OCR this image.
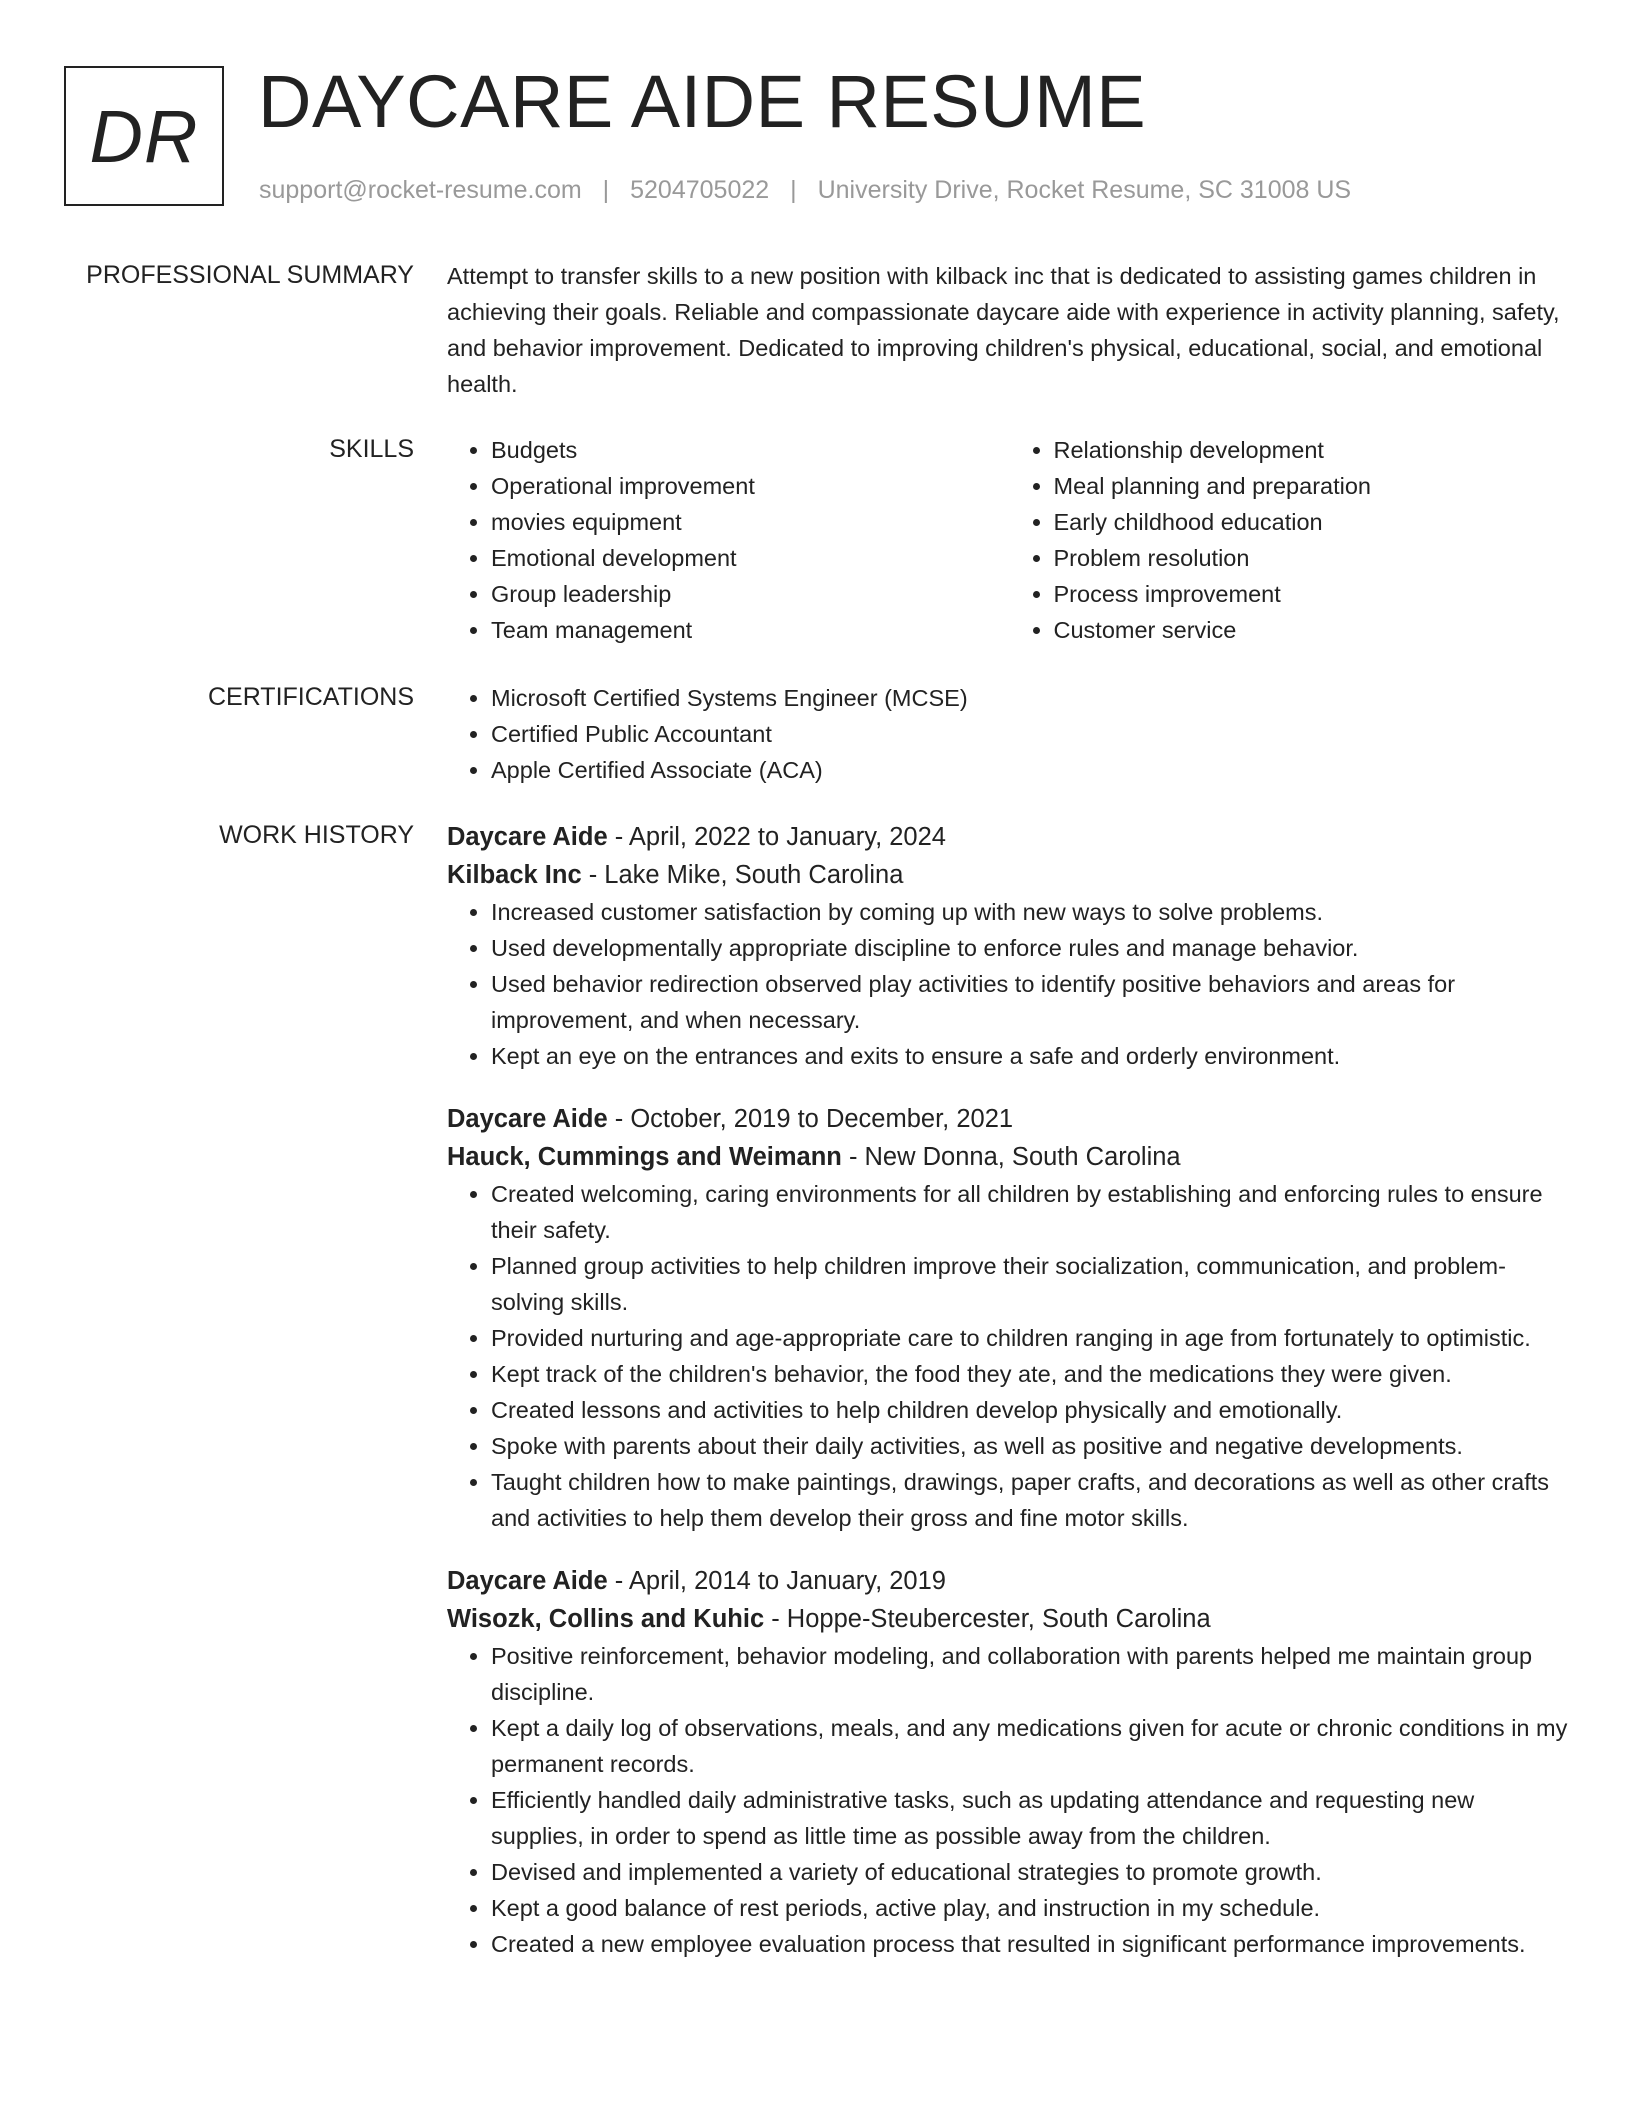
DR DAYCARE AIDE RESUME
support@rocket-resume.com | 5204705022 | University Drive, Rocket Resume, SC 31008 US
PROFESSIONAL SUMMARY Attempt to transfer skills to a new position with kilback inc that is dedicated to assisting games children in achieving their goals. Reliable and compassionate daycare aide with experience in activity planning, safety, and behavior improvement. Dedicated to improving children's physical, educational, social, and emotional health.

SKILLS	• Budgets
• Operational improvement
• movies equipment
• Emotional development
• Group leadership
• Team management
• Relationship development
• Meal planning and preparation
• Early childhood education
• Problem resolution
• Process improvement
• Customer service
CERTIFICATIONS	• Microsoft Certified Systems Engineer (MCSE)
• Certified Public Accountant
• Apple Certified Associate (ACA)
WORK HISTORY Daycare Aide - April, 2022 to January, 2024
Kilback Inc - Lake Mike, South Carolina
• Increased customer satisfaction by coming up with new ways to solve problems.
• Used developmentally appropriate discipline to enforce rules and manage behavior.
• Used behavior redirection observed play activities to identify positive behaviors and areas for improvement, and when necessary.
• Kept an eye on the entrances and exits to ensure a safe and orderly environment.
Daycare Aide - October, 2019 to December, 2021
Hauck, Cummings and Weimann - New Donna, South Carolina
• Created welcoming, caring environments for all children by establishing and enforcing rules to ensure their safety.
• Planned group activities to help children improve their socialization, communication, and problem-solving skills.
• Provided nurturing and age-appropriate care to children ranging in age from fortunately to optimistic.
• Kept track of the children's behavior, the food they ate, and the medications they were given.
• Created lessons and activities to help children develop physically and emotionally.
• Spoke with parents about their daily activities, as well as positive and negative developments.
• Taught children how to make paintings, drawings, paper crafts, and decorations as well as other crafts and activities to help them develop their gross and fine motor skills.
Daycare Aide - April, 2014 to January, 2019
Wisozk, Collins and Kuhic - Hoppe-Steubercester, South Carolina
• Positive reinforcement, behavior modeling, and collaboration with parents helped me maintain group discipline.
• Kept a daily log of observations, meals, and any medications given for acute or chronic conditions in my permanent records.
• Efficiently handled daily administrative tasks, such as updating attendance and requesting new supplies, in order to spend as little time as possible away from the children.
• Devised and implemented a variety of educational strategies to promote growth.
• Kept a good balance of rest periods, active play, and instruction in my schedule.
• Created a new employee evaluation process that resulted in significant performance improvements.
